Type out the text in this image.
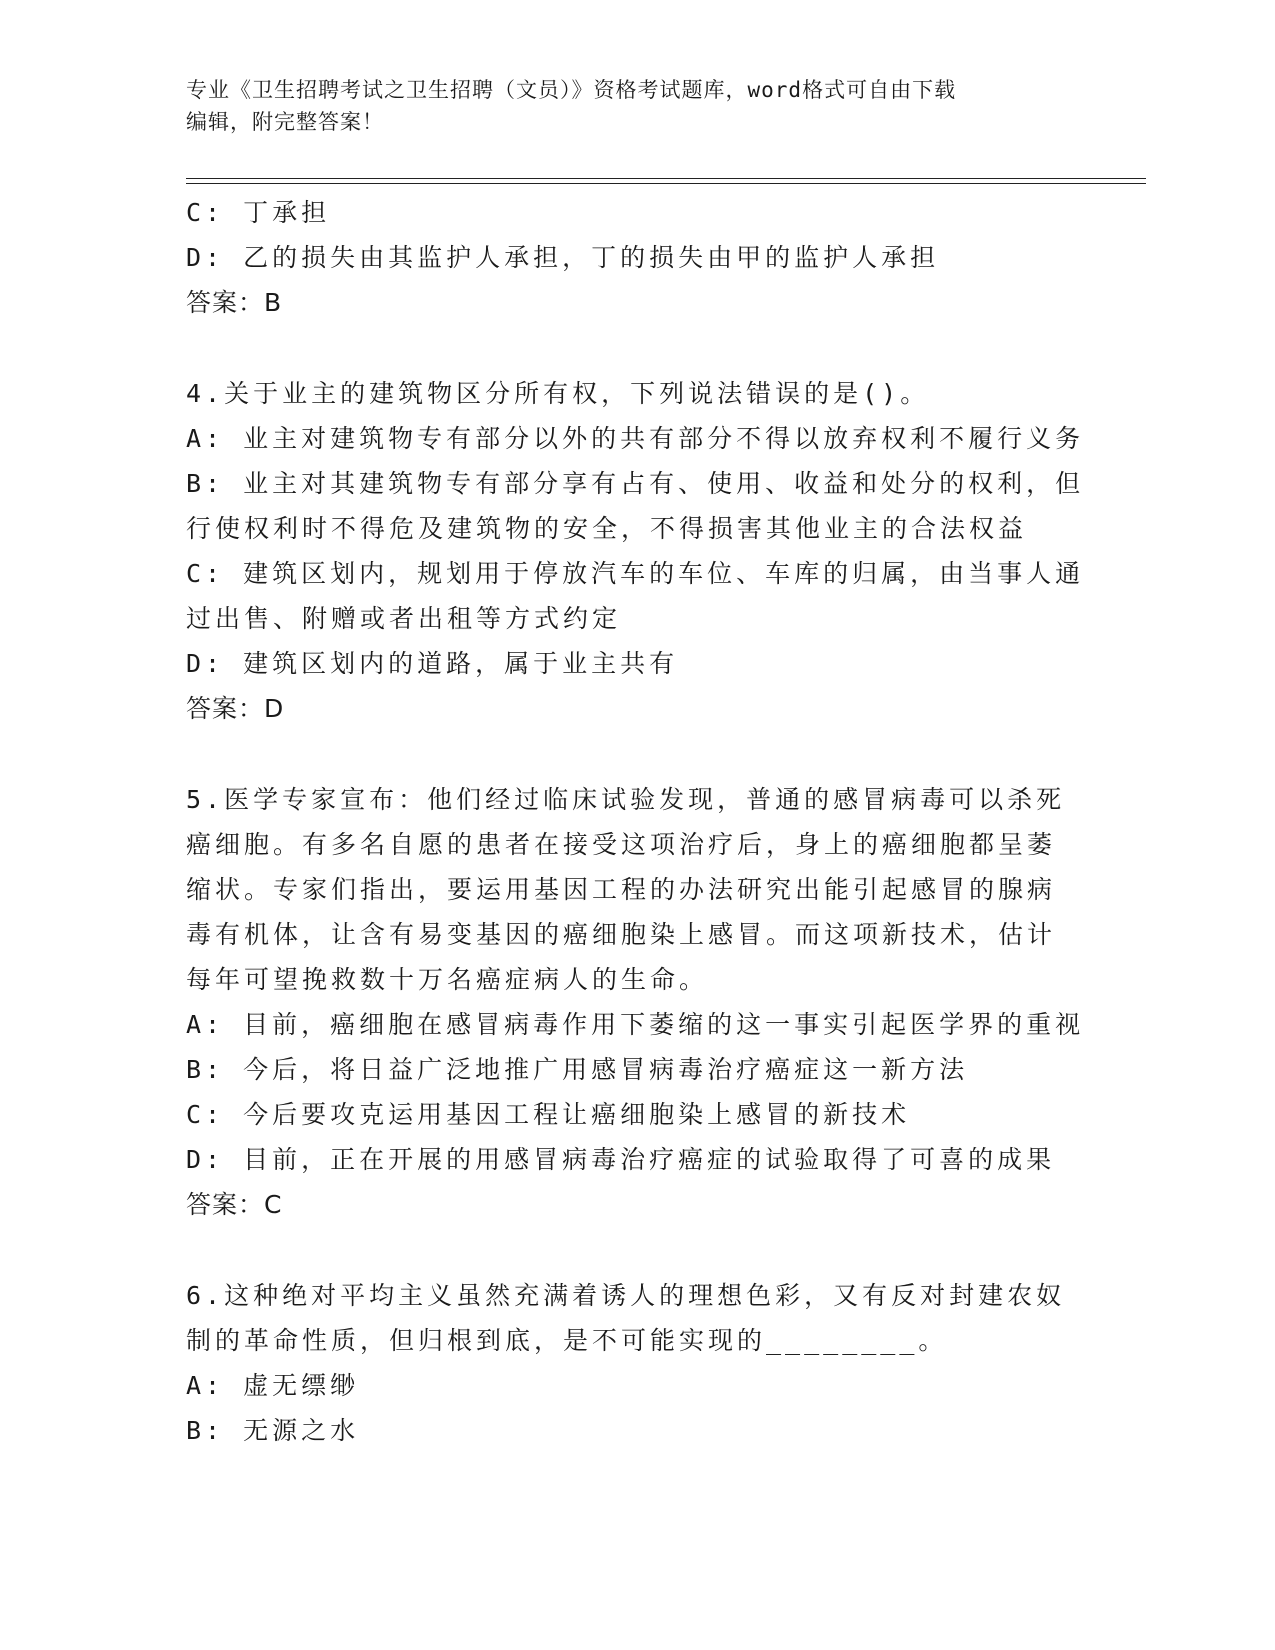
专业《卫生招聘考试之卫生招聘（文员）》资格考试题库，word格式可自由下载
编辑，附完整答案！
C: 丁承担
D: 乙的损失由其监护人承担，丁的损失由甲的监护人承担
答案：B
4.关于业主的建筑物区分所有权，下列说法错误的是()。
A: 业主对建筑物专有部分以外的共有部分不得以放弃权利不履行义务
B: 业主对其建筑物专有部分享有占有、使用、收益和处分的权利，但
行使权利时不得危及建筑物的安全，不得损害其他业主的合法权益
C: 建筑区划内，规划用于停放汽车的车位、车库的归属，由当事人通
过出售、附赠或者出租等方式约定
D: 建筑区划内的道路，属于业主共有
答案：D
5.医学专家宣布：他们经过临床试验发现，普通的感冒病毒可以杀死
癌细胞。有多名自愿的患者在接受这项治疗后，身上的癌细胞都呈萎
缩状。专家们指出，要运用基因工程的办法研究出能引起感冒的腺病
毒有机体，让含有易变基因的癌细胞染上感冒。而这项新技术，估计
每年可望挽救数十万名癌症病人的生命。
A: 目前，癌细胞在感冒病毒作用下萎缩的这一事实引起医学界的重视
B: 今后，将日益广泛地推广用感冒病毒治疗癌症这一新方法
C: 今后要攻克运用基因工程让癌细胞染上感冒的新技术
D: 目前，正在开展的用感冒病毒治疗癌症的试验取得了可喜的成果
答案：C
6.这种绝对平均主义虽然充满着诱人的理想色彩，又有反对封建农奴
制的革命性质，但归根到底，是不可能实现的________。
A: 虚无缥缈
B: 无源之水
